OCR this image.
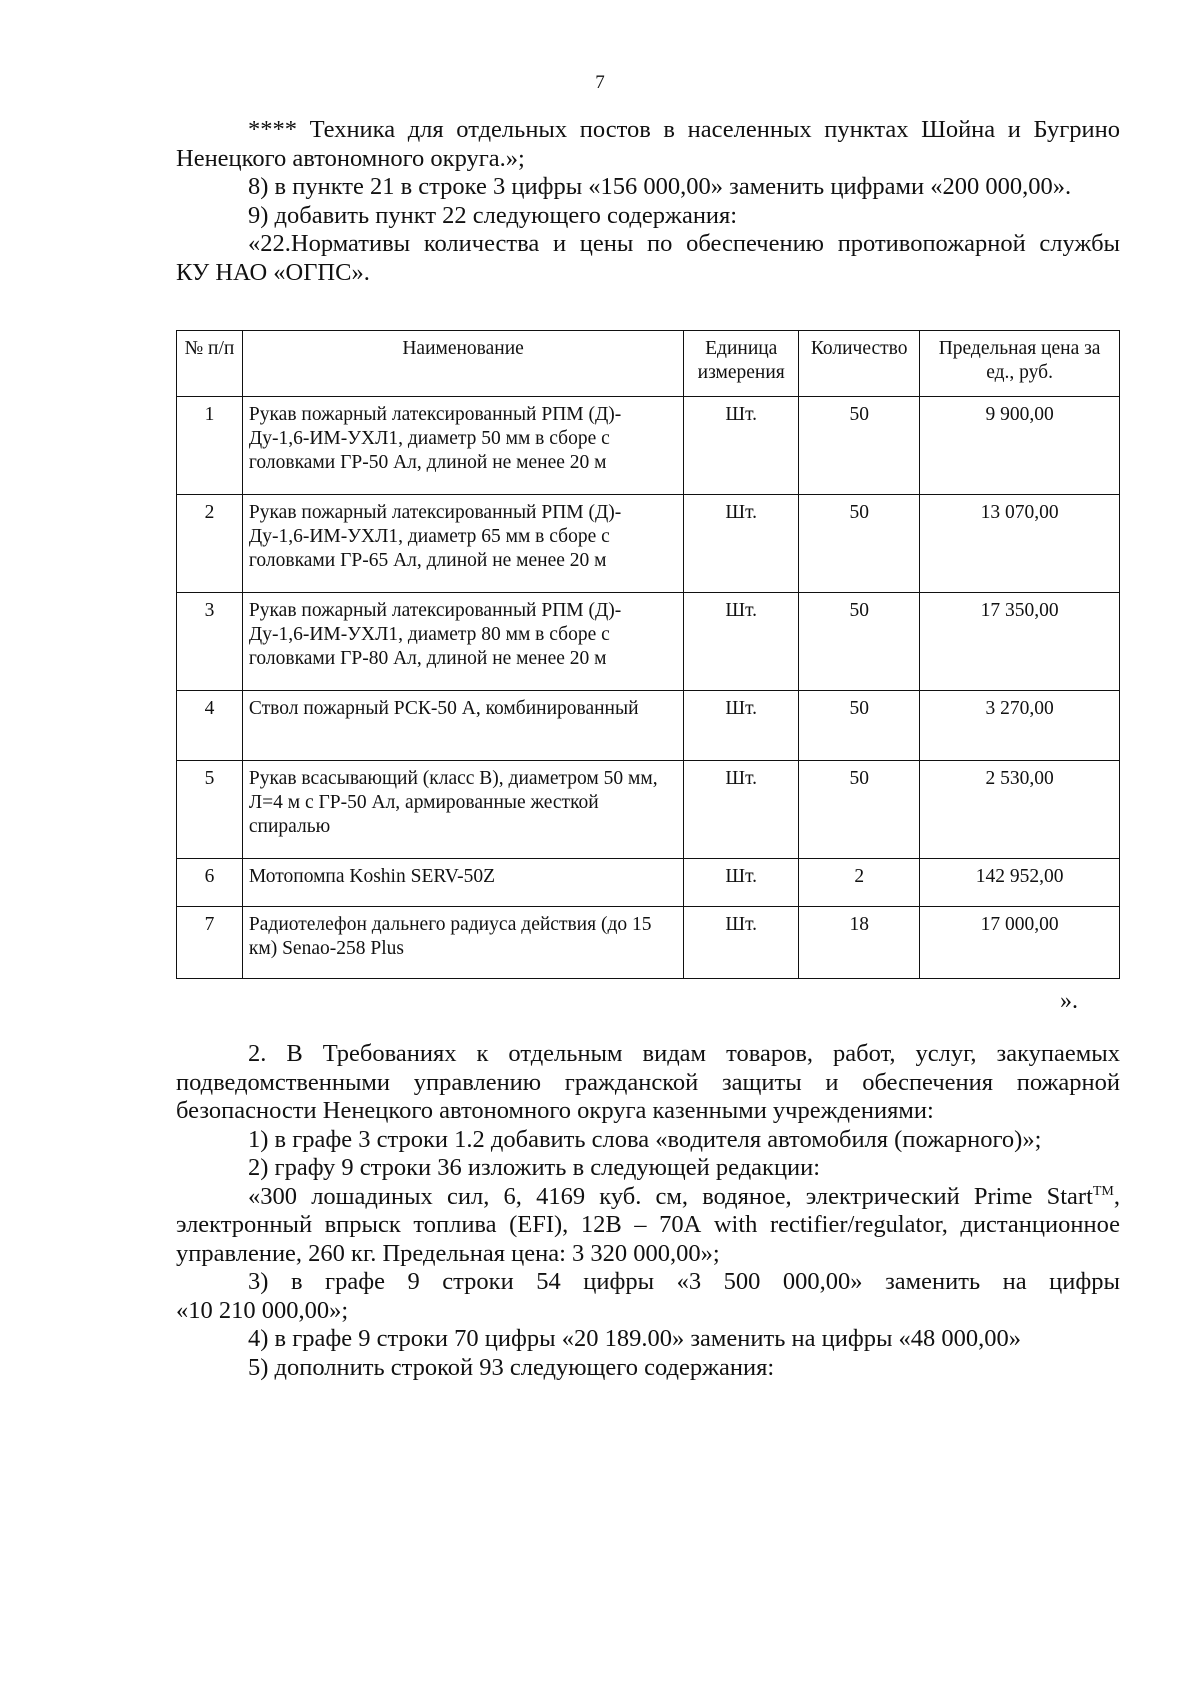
7

**** Техника для отдельных постов в населенных пунктах Шойна и Бугрино

Ненецкого автономного округа.»;

8) в пункте 21 в строке 3 цифры «156 000,00» заменить цифрами «200 000,00».

9) добавить пункт 22 следующего содержания:

«22.Нормативы количества и цены по обеспечению противопожарной службы

КУ НАО «ОГПС».

№ п/п	Наименование	Единица измерения	Количество	Предельная цена за ед., руб.
1	Рукав пожарный латексированный РПМ (Д)-Ду-1,6-ИМ-УХЛ1, диаметр 50 мм в сборе с головками ГР-50 Ал, длиной не менее 20 м	Шт.	50	9 900,00
2	Рукав пожарный латексированный РПМ (Д)-Ду-1,6-ИМ-УХЛ1, диаметр 65 мм в сборе с головками ГР-65 Ал, длиной не менее 20 м	Шт.	50	13 070,00
3	Рукав пожарный латексированный РПМ (Д)-Ду-1,6-ИМ-УХЛ1, диаметр 80 мм в сборе с головками ГР-80 Ал, длиной не менее 20 м	Шт.	50	17 350,00
4	Ствол пожарный РСК-50 А, комбинированный	Шт.	50	3 270,00
5	Рукав всасывающий (класс В), диаметром 50 мм, Л=4 м с ГР-50 Ал, армированные жесткой спиралью	Шт.	50	2 530,00
6	Мотопомпа Koshin SERV-50Z	Шт.	2	142 952,00
7	Радиотелефон дальнего радиуса действия (до 15 км) Senao-258 Plus	Шт.	18	17 000,00
».

2. В Требованиях к отдельным видам товаров, работ, услуг, закупаемых

подведомственными управлению гражданской защиты и обеспечения пожарной

безопасности Ненецкого автономного округа казенными учреждениями:

1) в графе 3 строки 1.2 добавить слова «водителя автомобиля (пожарного)»;

2) графу 9 строки 36 изложить в следующей редакции:

«300 лошадиных сил, 6, 4169 куб. см, водяное, электрический Prime Start™,

электронный впрыск топлива (EFI), 12В – 70А with rectifier/regulator, дистанционное

управление, 260 кг. Предельная цена: 3 320 000,00»;

3) в графе 9 строки 54 цифры «3 500 000,00» заменить на цифры

«10 210 000,00»;

4) в графе 9 строки 70 цифры «20 189.00» заменить на цифры «48 000,00»

5) дополнить строкой 93 следующего содержания:
